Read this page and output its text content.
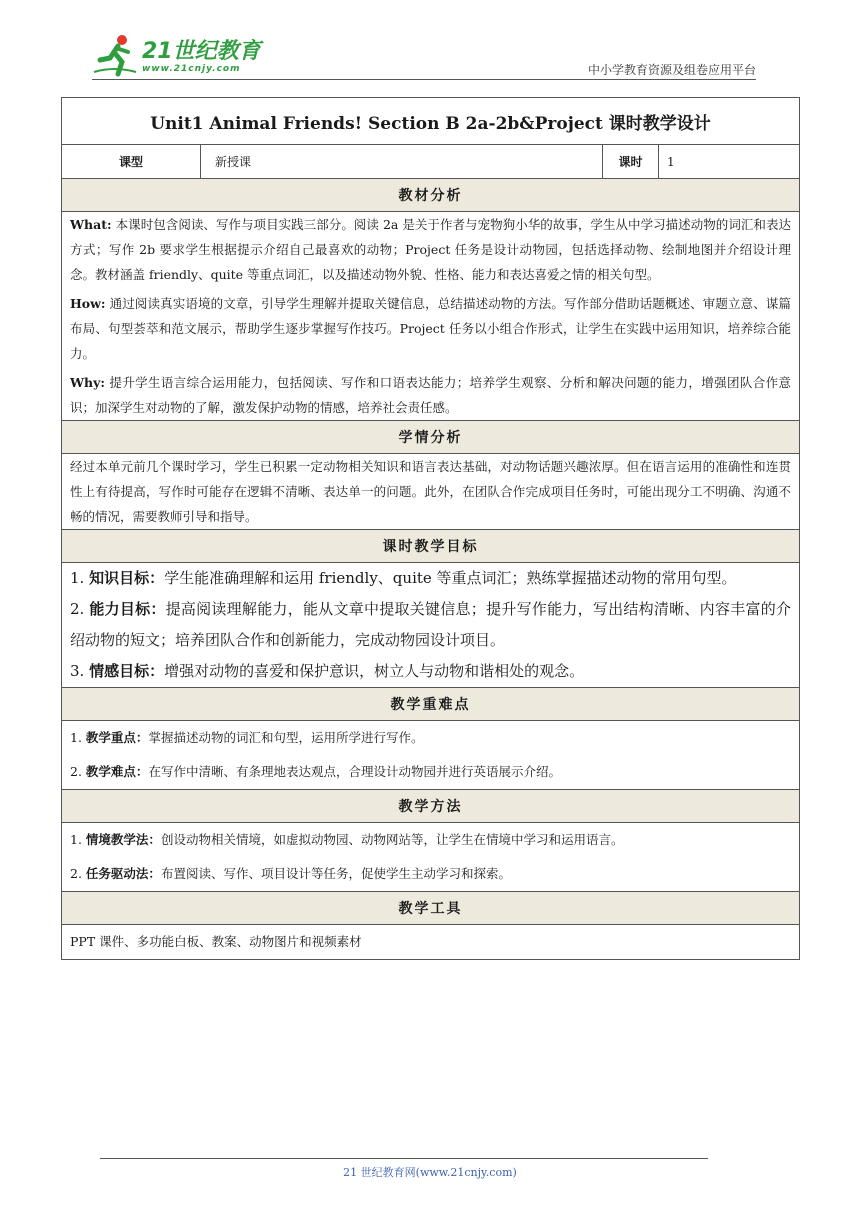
21世纪教育
www.21cnjy.com	中小学教育资源及组卷应用平台
Unit1 Animal Friends! Section B 2a-2b&Project 课时教学设计
课型	新授课	课时	1
教材分析

What: 本课时包含阅读、写作与项目实践三部分。阅读 2a 是关于作者与宠物狗小华的故事，学生从中学习描述动物的词汇和表达方式；写作 2b 要求学生根据提示介绍自己最喜欢的动物；Project 任务是设计动物园，包括选择动物、绘制地图并介绍设计理念。教材涵盖 friendly、quite 等重点词汇，以及描述动物外貌、性格、能力和表达喜爱之情的相关句型。

How: 通过阅读真实语境的文章，引导学生理解并提取关键信息，总结描述动物的方法。写作部分借助话题概述、审题立意、谋篇布局、句型荟萃和范文展示，帮助学生逐步掌握写作技巧。Project 任务以小组合作形式，让学生在实践中运用知识，培养综合能力。

Why: 提升学生语言综合运用能力，包括阅读、写作和口语表达能力；培养学生观察、分析和解决问题的能力，增强团队合作意识；加深学生对动物的了解，激发保护动物的情感，培养社会责任感。

学情分析
经过本单元前几个课时学习，学生已积累一定动物相关知识和语言表达基础，对动物话题兴趣浓厚。但在语言运用的准确性和连贯性上有待提高，写作时可能存在逻辑不清晰、表达单一的问题。此外，在团队合作完成项目任务时，可能出现分工不明确、沟通不畅的情况，需要教师引导和指导。
课时教学目标

1. 知识目标：学生能准确理解和运用 friendly、quite 等重点词汇；熟练掌握描述动物的常用句型。
2. 能力目标：提高阅读理解能力，能从文章中提取关键信息；提升写作能力，写出结构清晰、内容丰富的介绍动物的短文；培养团队合作和创新能力，完成动物园设计项目。
3. 情感目标：增强对动物的喜爱和保护意识，树立人与动物和谐相处的观念。

教学重难点

1. 教学重点：掌握描述动物的词汇和句型，运用所学进行写作。
2. 教学难点：在写作中清晰、有条理地表达观点，合理设计动物园并进行英语展示介绍。

教学方法

1. 情境教学法：创设动物相关情境，如虚拟动物园、动物网站等，让学生在情境中学习和运用语言。
2. 任务驱动法：布置阅读、写作、项目设计等任务，促使学生主动学习和探索。

教学工具
PPT 课件、多功能白板、教案、动物图片和视频素材
21 世纪教育网(www.21cnjy.com)
